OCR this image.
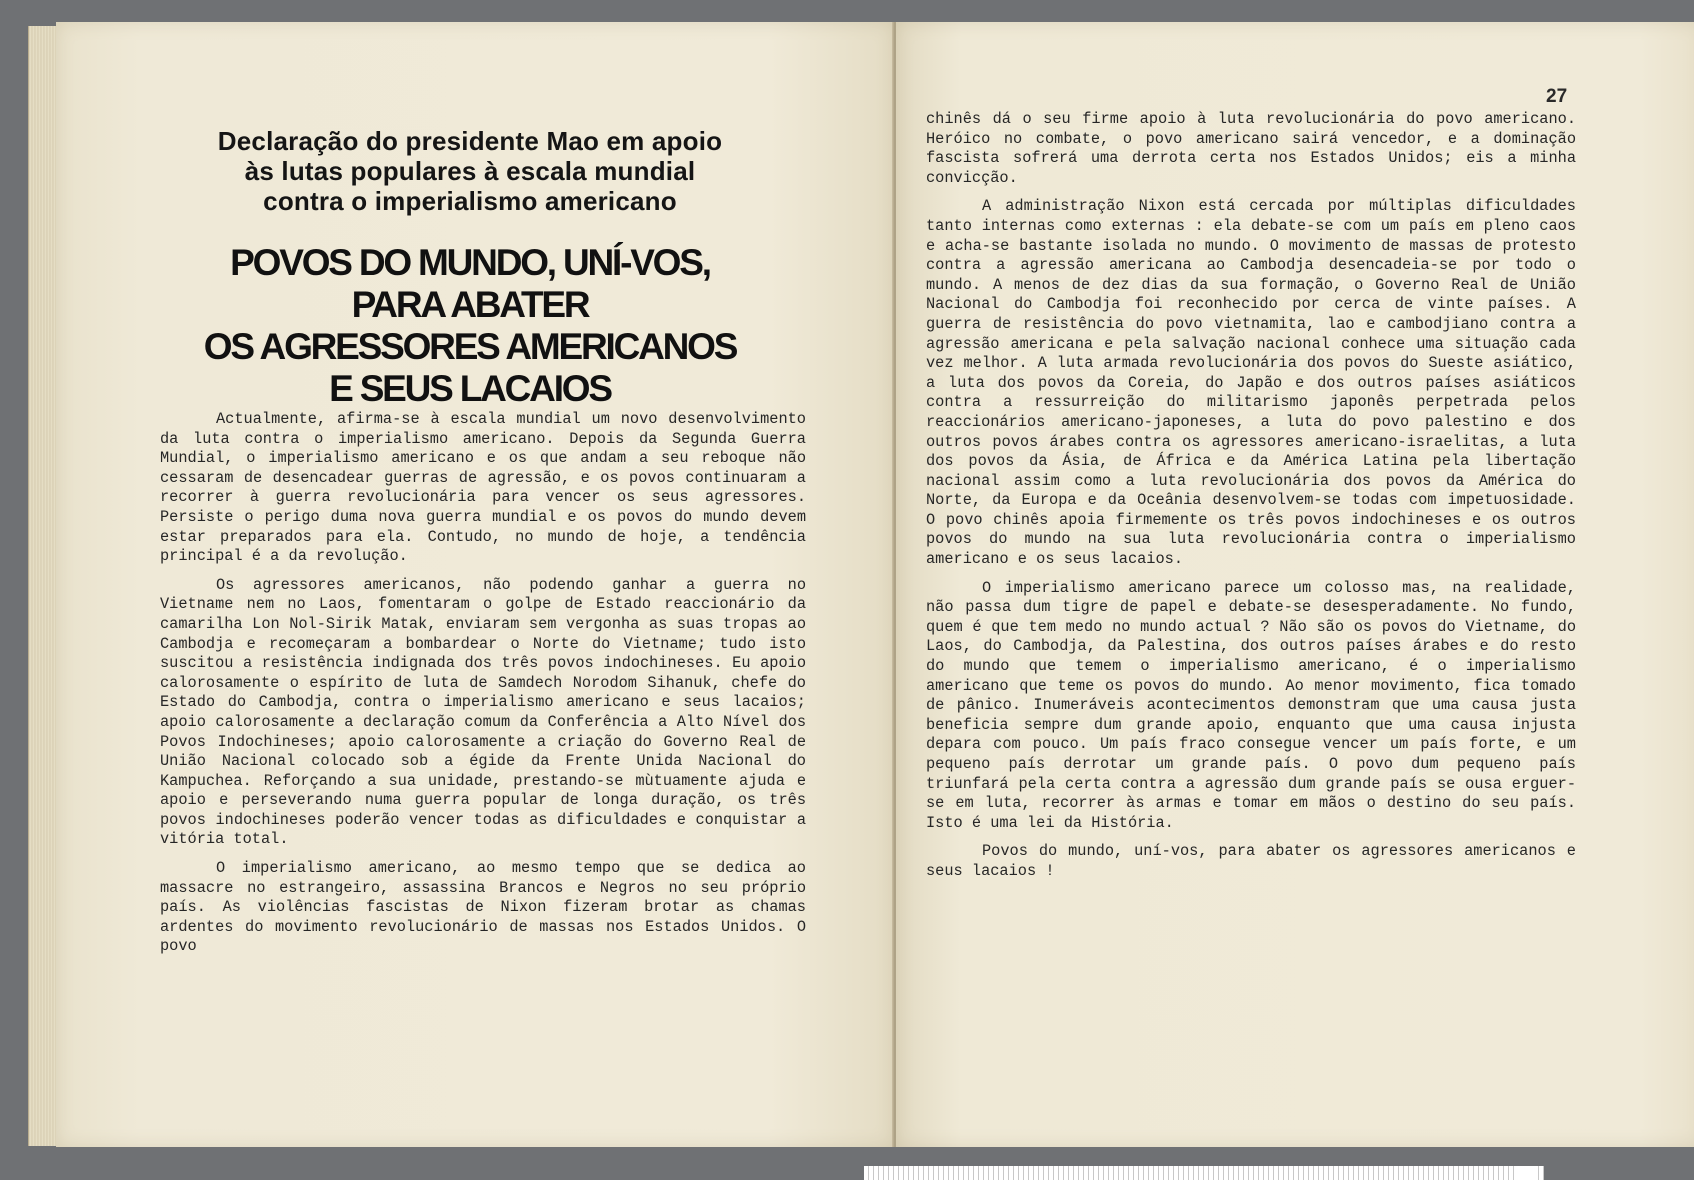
Declaração do presidente Mao em apoio
às lutas populares à escala mundial
contra o imperialismo americano
POVOS DO MUNDO, UNÍ-VOS,
PARA ABATER
OS AGRESSORES AMERICANOS
E SEUS LACAIOS

Actualmente, afirma-se à escala mundial um novo desenvolvimento da luta contra o imperialismo americano. Depois da Segunda Guerra Mundial, o imperialismo americano e os que andam a seu reboque não cessaram de desencadear guerras de agressão, e os povos continuaram a recorrer à guerra revolucionária para vencer os seus agressores. Persiste o perigo duma nova guerra mundial e os povos do mundo devem estar preparados para ela. Contudo, no mundo de hoje, a tendência principal é a da revolução.

Os agressores americanos, não podendo ganhar a guerra no Vietname nem no Laos, fomentaram o golpe de Estado reaccionário da camarilha Lon Nol-Sirik Matak, enviaram sem vergonha as suas tropas ao Cambodja e recomeçaram a bombardear o Norte do Vietname; tudo isto suscitou a resistência indignada dos três povos indochineses. Eu apoio calorosamente o espírito de luta de Samdech Norodom Sihanuk, chefe do Estado do Cambodja, contra o imperialismo americano e seus lacaios; apoio calorosamente a declaração comum da Conferência a Alto Nível dos Povos Indochineses; apoio calorosamente a criação do Governo Real de União Nacional colocado sob a égide da Frente Unida Nacional do Kampuchea. Reforçando a sua unidade, prestando-se mùtuamente ajuda e apoio e perseverando numa guerra popular de longa duração, os três povos indochineses poderão vencer todas as dificuldades e conquistar a vitória total.

O imperialismo americano, ao mesmo tempo que se dedica ao massacre no estrangeiro, assassina Brancos e Negros no seu próprio país. As violências fascistas de Nixon fizeram brotar as chamas ardentes do movimento revolucionário de massas nos Estados Unidos. O povo

27

chinês dá o seu firme apoio à luta revolucionária do povo americano. Heróico no combate, o povo americano sairá vencedor, e a dominação fascista sofrerá uma derrota certa nos Estados Unidos; eis a minha convicção.

A administração Nixon está cercada por múltiplas dificuldades tanto internas como externas : ela debate-se com um país em pleno caos e acha-se bastante isolada no mundo. O movimento de massas de protesto contra a agressão americana ao Cambodja desencadeia-se por todo o mundo. A menos de dez dias da sua formação, o Governo Real de União Nacional do Cambodja foi reconhecido por cerca de vinte países. A guerra de resistência do povo vietnamita, lao e cambodjiano contra a agressão americana e pela salvação nacional conhece uma situação cada vez melhor. A luta armada revolucionária dos povos do Sueste asiático, a luta dos povos da Coreia, do Japão e dos outros países asiáticos contra a ressurreição do militarismo japonês perpetrada pelos reaccionários americano-japoneses, a luta do povo palestino e dos outros povos árabes contra os agressores americano-israelitas, a luta dos povos da Ásia, de África e da América Latina pela libertação nacional assim como a luta revolucionária dos povos da América do Norte, da Europa e da Oceânia desenvolvem-se todas com impetuosidade. O povo chinês apoia firmemente os três povos indochineses e os outros povos do mundo na sua luta revolucionária contra o imperialismo americano e os seus lacaios.

O imperialismo americano parece um colosso mas, na realidade, não passa dum tigre de papel e debate-se desesperadamente. No fundo, quem é que tem medo no mundo actual ? Não são os povos do Vietname, do Laos, do Cambodja, da Palestina, dos outros países árabes e do resto do mundo que temem o imperialismo americano, é o imperialismo americano que teme os povos do mundo. Ao menor movimento, fica tomado de pânico. Inumeráveis acontecimentos demonstram que uma causa justa beneficia sempre dum grande apoio, enquanto que uma causa injusta depara com pouco. Um país fraco consegue vencer um país forte, e um pequeno país derrotar um grande país. O povo dum pequeno país triunfará pela certa contra a agressão dum grande país se ousa erguer-se em luta, recorrer às armas e tomar em mãos o destino do seu país. Isto é uma lei da História.

Povos do mundo, uní-vos, para abater os agressores americanos e seus lacaios !
